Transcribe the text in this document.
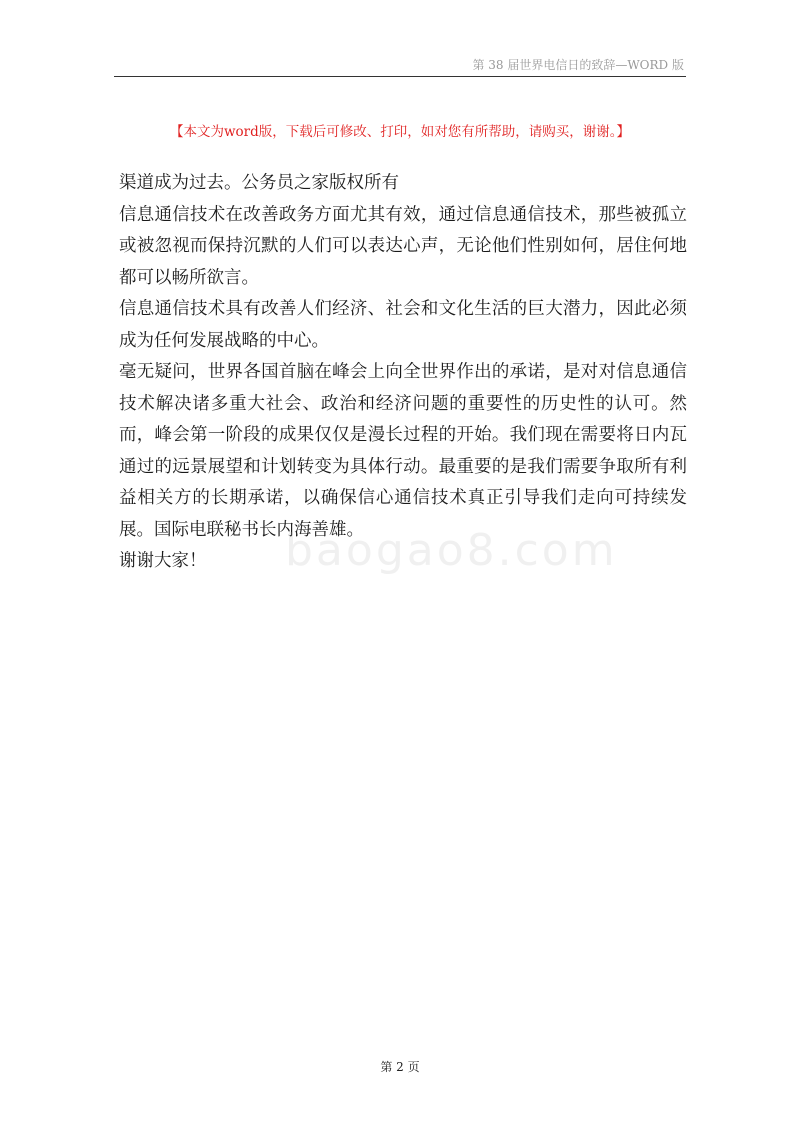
第 38 届世界电信日的致辞—WORD 版
【本文为word版，下载后可修改、打印，如对您有所帮助，请购买，谢谢。】

渠道成为过去。公务员之家版权所有

信息通信技术在改善政务方面尤其有效，通过信息通信技术，那些被孤立或被忽视而保持沉默的人们可以表达心声，无论他们性别如何，居住何地都可以畅所欲言。

信息通信技术具有改善人们经济、社会和文化生活的巨大潜力，因此必须成为任何发展战略的中心。

毫无疑问，世界各国首脑在峰会上向全世界作出的承诺，是对对信息通信技术解决诸多重大社会、政治和经济问题的重要性的历史性的认可。然而，峰会第一阶段的成果仅仅是漫长过程的开始。我们现在需要将日内瓦通过的远景展望和计划转变为具体行动。最重要的是我们需要争取所有利益相关方的长期承诺，以确保信心通信技术真正引导我们走向可持续发展。国际电联秘书长内海善雄。

谢谢大家！	baogao8.com
第 2 页
